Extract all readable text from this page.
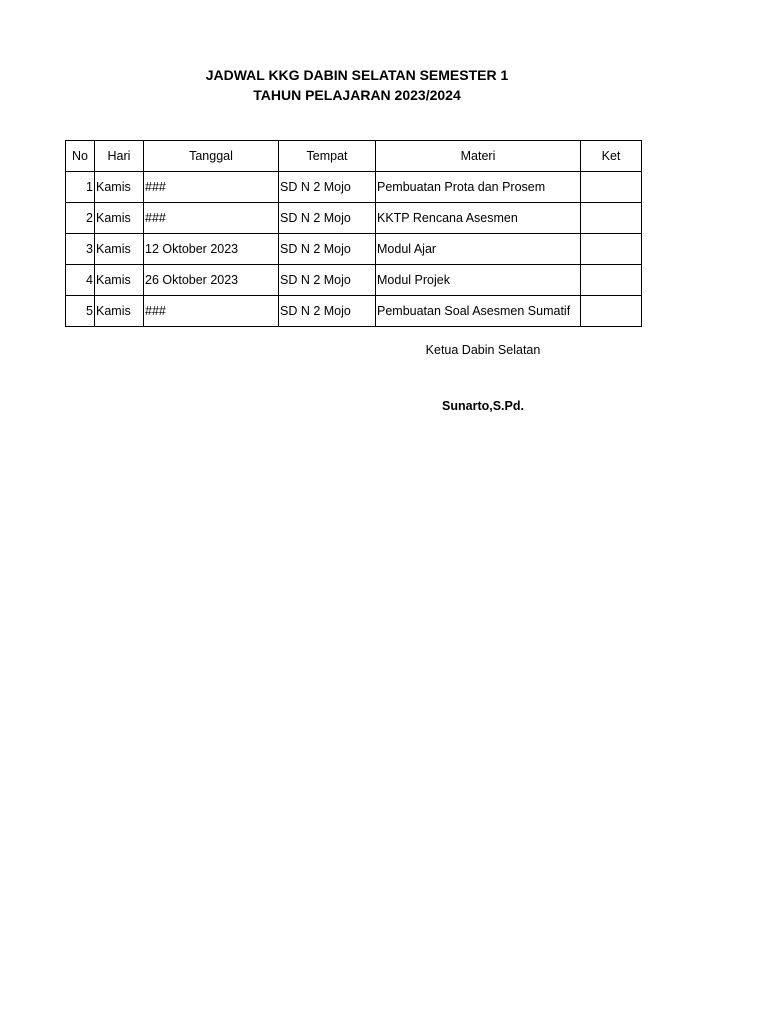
JADWAL KKG DABIN SELATAN SEMESTER 1
TAHUN PELAJARAN 2023/2024
No	Hari	Tanggal	Tempat	Materi	Ket
1	Kamis	###	SD N 2 Mojo	Pembuatan Prota dan Prosem	
2	Kamis	###	SD N 2 Mojo	KKTP Rencana Asesmen	
3	Kamis	12 Oktober 2023	SD N 2 Mojo	Modul Ajar	
4	Kamis	26 Oktober 2023	SD N 2 Mojo	Modul Projek	
5	Kamis	###	SD N 2 Mojo	Pembuatan Soal Asesmen Sumatif	
Ketua Dabin Selatan
Sunarto,S.Pd.
